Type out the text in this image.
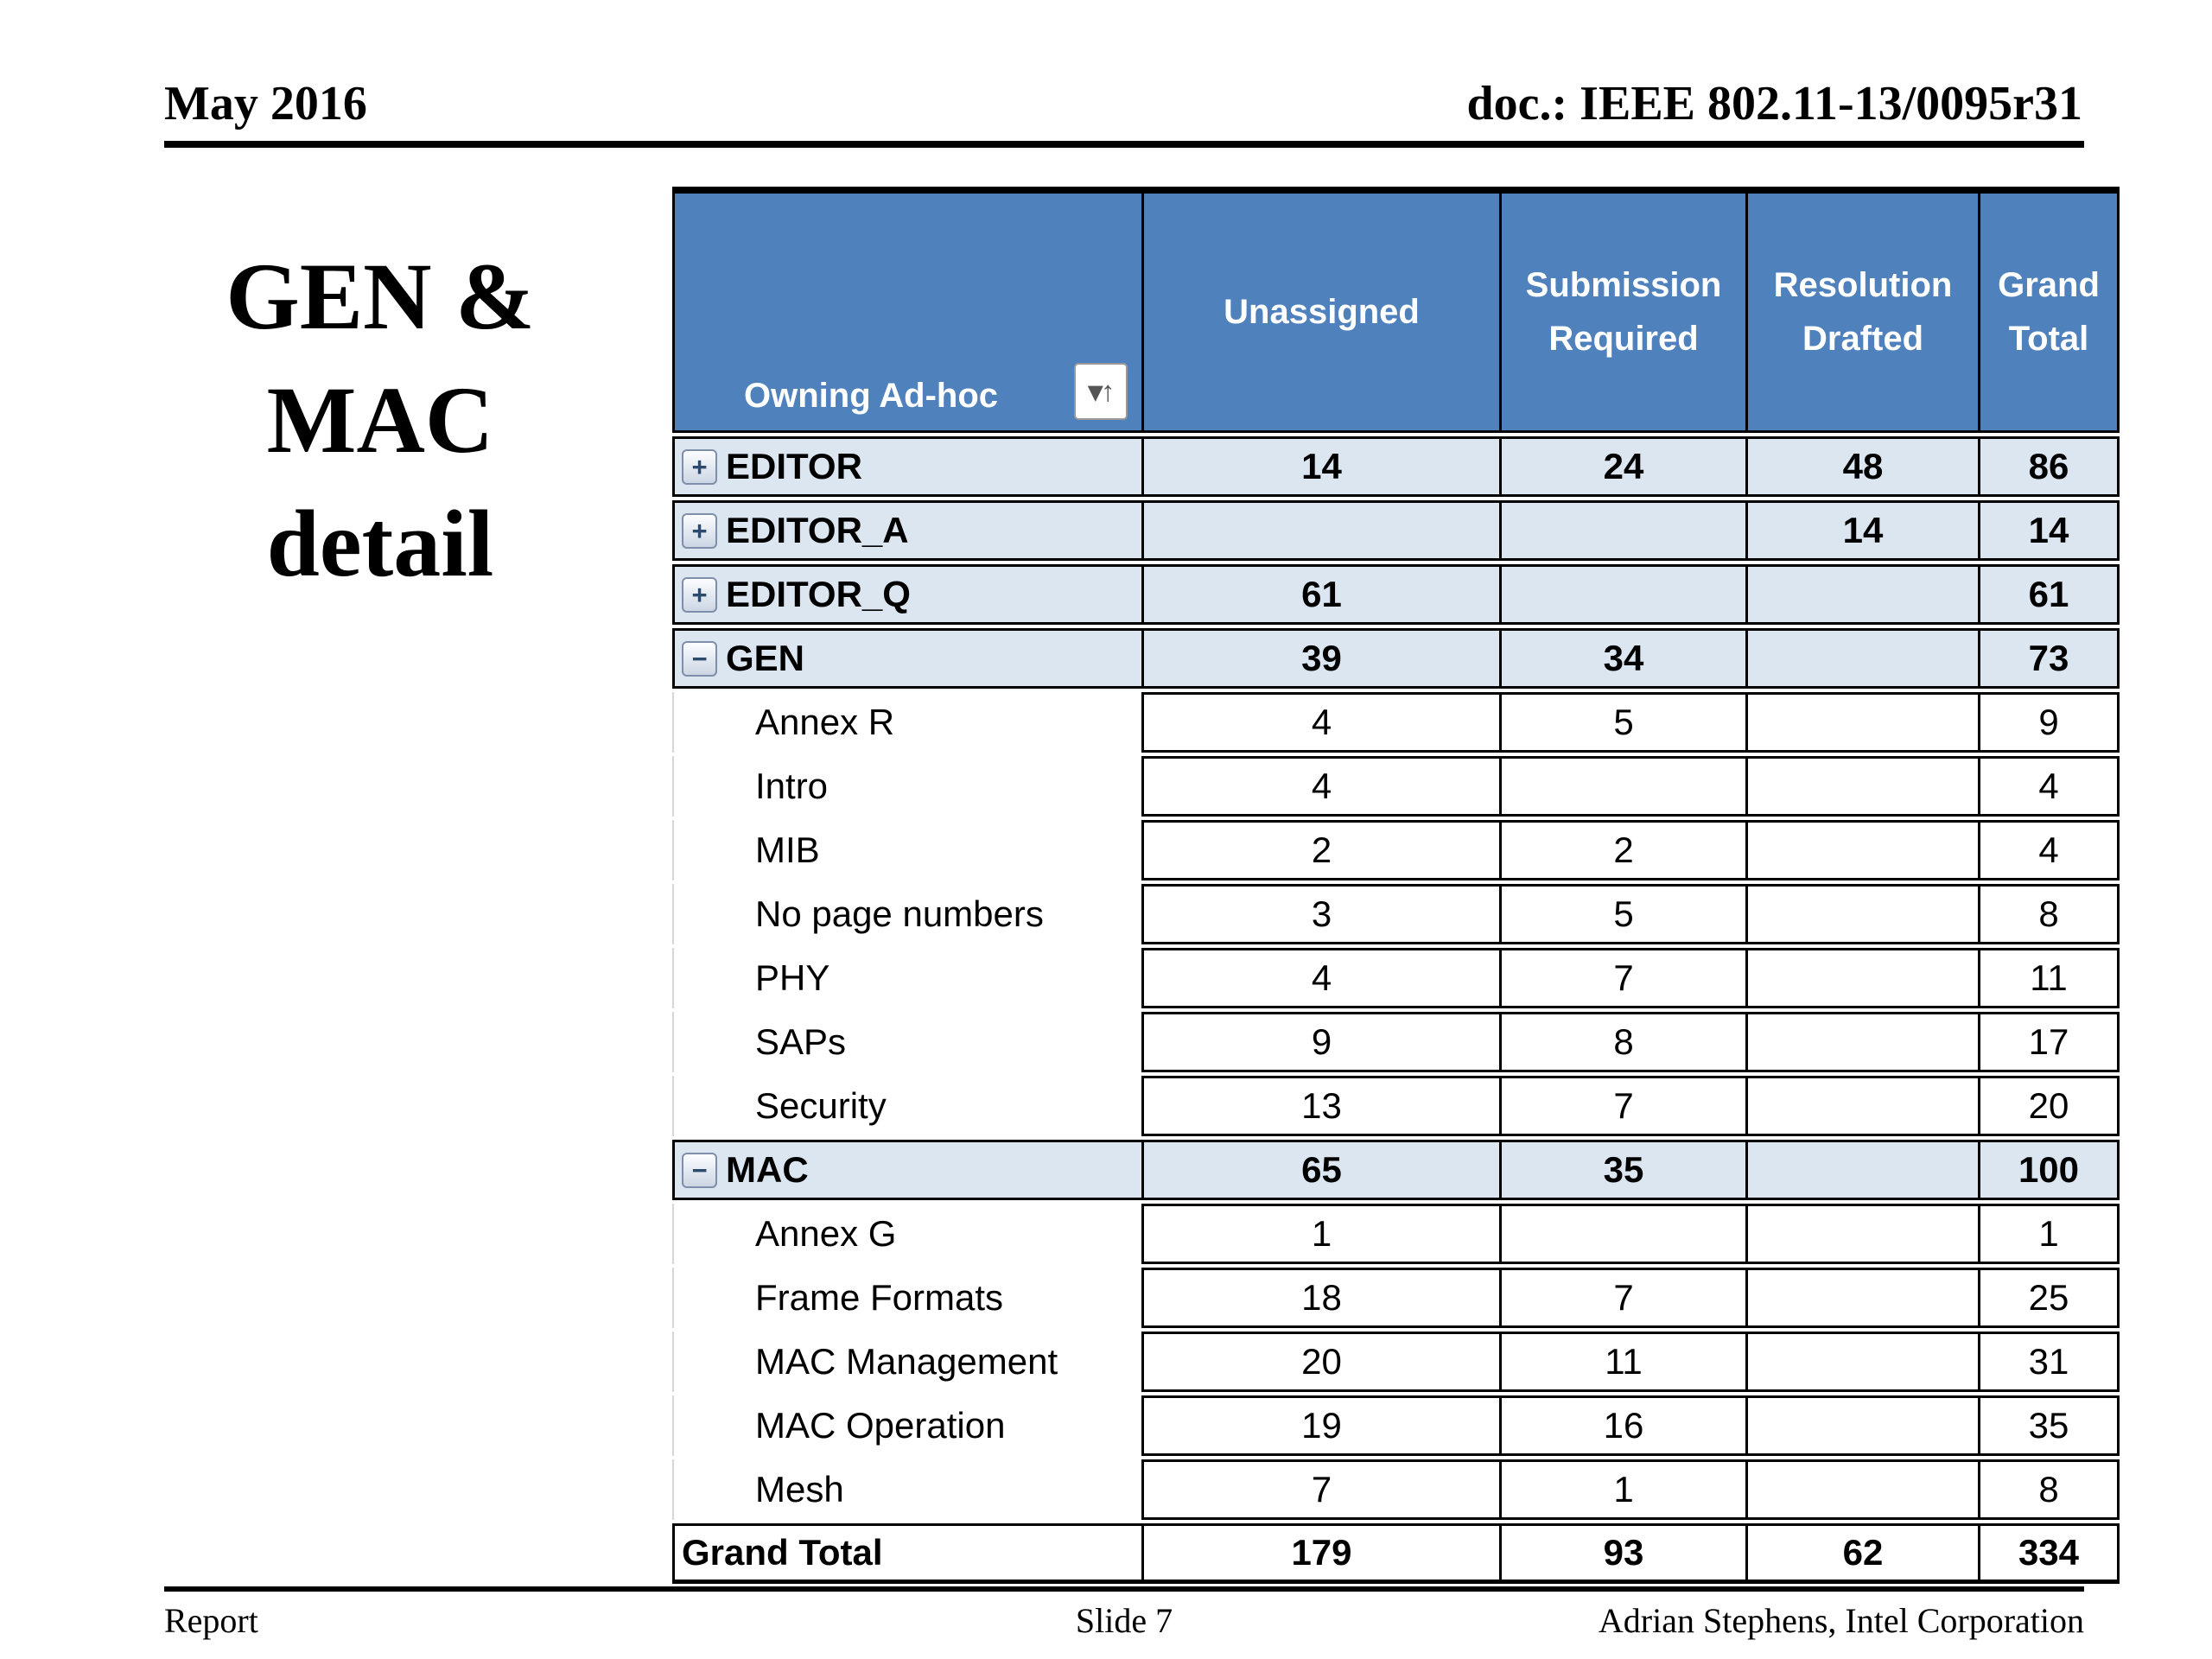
May 2016	doc.: IEEE 802.11-13/0095r31
GEN &
MAC
detail
Owning Ad-hoc ▾↑	Unassigned	Submission Required	Resolution Drafted	Grand Total

+ EDITOR	14	24	48	86

+ EDITOR_A			14	14

+ EDITOR_Q	61			61

− GEN	39	34		73

Annex R	4	5		9

Intro	4			4

MIB	2	2		4

No page numbers	3	5		8

PHY	4	7		11

SAPs	9	8		17

Security	13	7		20

− MAC	65	35		100

Annex G	1			1

Frame Formats	18	7		25

MAC Management	20	11		31

MAC Operation	19	16		35

Mesh	7	1		8

Grand Total	179	93	62	334
Report	Slide 7	Adrian Stephens, Intel Corporation
